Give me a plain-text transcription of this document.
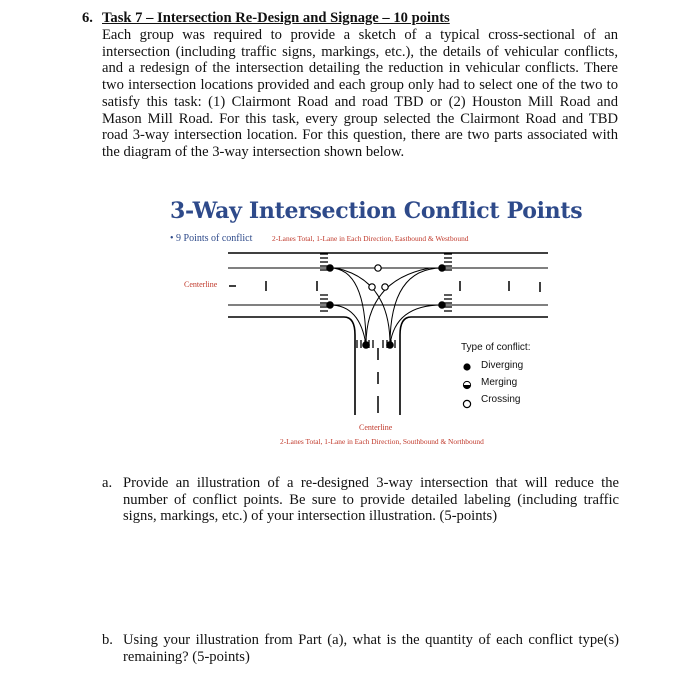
6. Task 7 – Intersection Re-Design and Signage – 10 points
Each group was required to provide a sketch of a typical cross-sectional of an intersection (including traffic signs, markings, etc.), the details of vehicular conflicts, and a redesign of the intersection detailing the reduction in vehicular conflicts. There two intersection locations provided and each group only had to select one of the two to satisfy this task: (1) Clairmont Road and road TBD or (2) Houston Mill Road and Mason Mill Road. For this task, every group selected the Clairmont Road and TBD road 3-way intersection location. For this question, there are two parts associated with the diagram of the 3-way intersection shown below.
3-Way Intersection Conflict Points
• 9 Points of conflict	2-Lanes Total, 1-Lane in Each Direction, Eastbound & Westbound
Centerline
Type of conflict:
Diverging
Merging
Crossing
Centerline
2-Lanes Total, 1-Lane in Each Direction, Southbound & Northbound
a. Provide an illustration of a re-designed 3-way intersection that will reduce the number of conflict points. Be sure to provide detailed labeling (including traffic signs, markings, etc.) of your intersection illustration. (5-points)
b. Using your illustration from Part (a), what is the quantity of each conflict type(s) remaining? (5-points)
